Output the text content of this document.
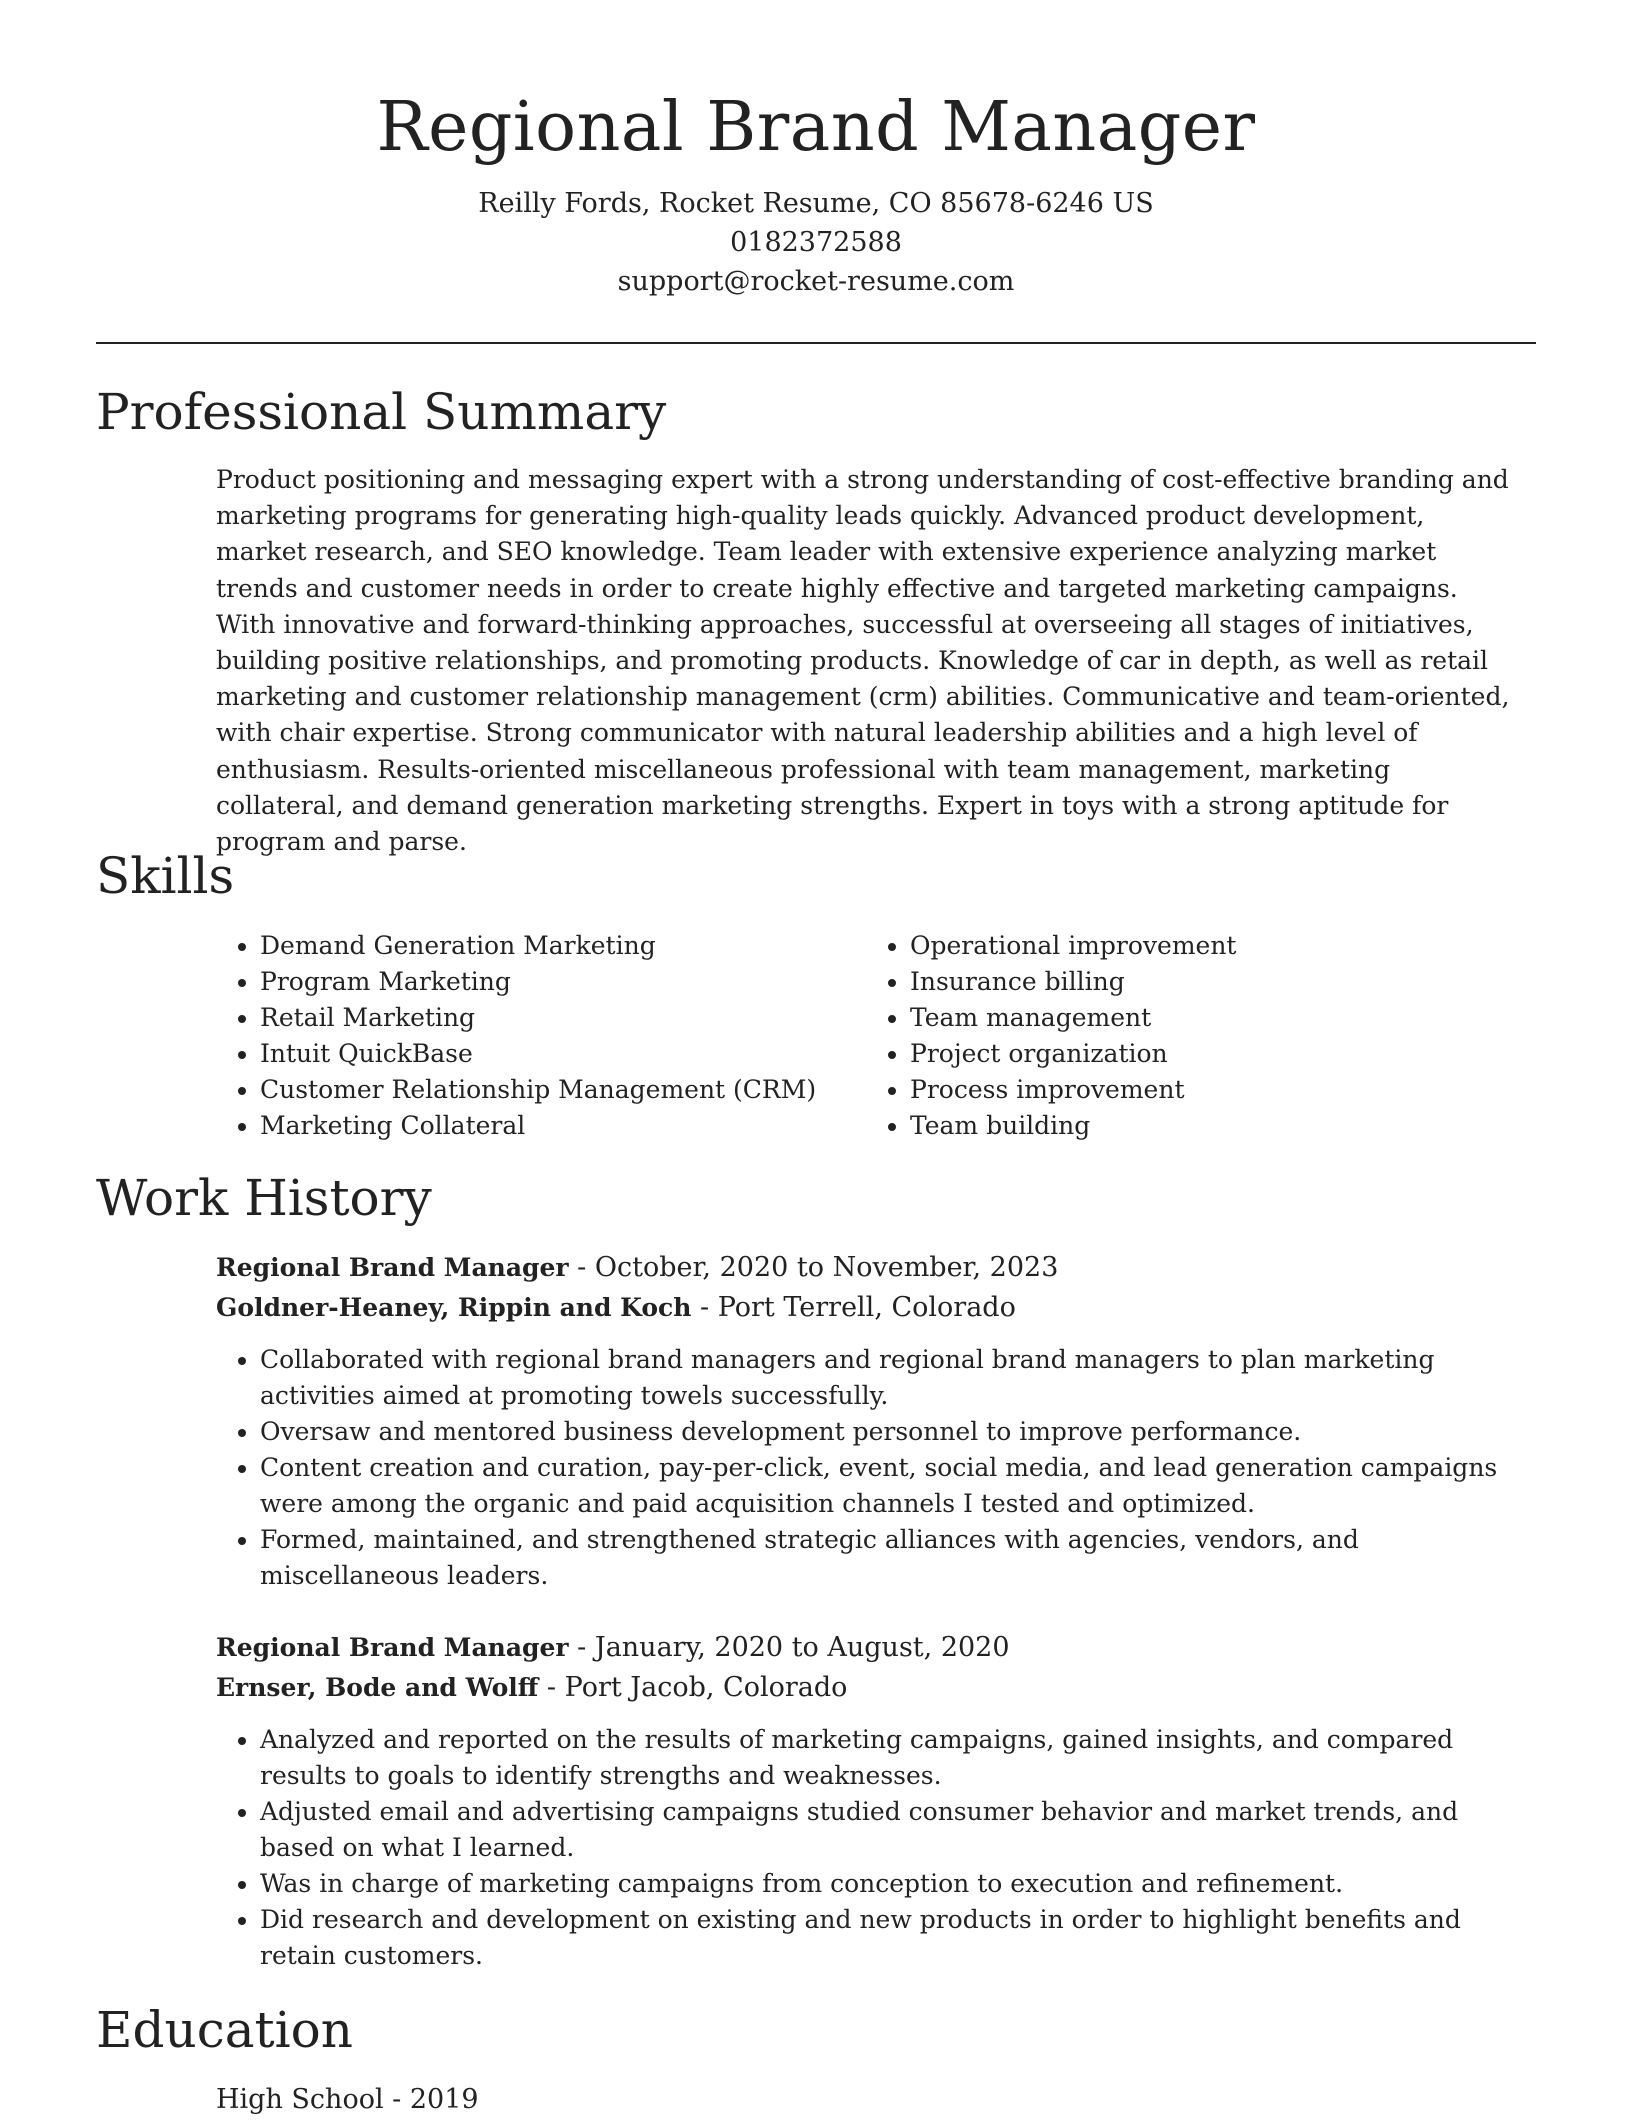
Regional Brand Manager
Reilly Fords, Rocket Resume, CO 85678-6246 US
0182372588
support@rocket-resume.com
Professional Summary

Product positioning and messaging expert with a strong understanding of cost-effective branding and marketing programs for generating high-quality leads quickly. Advanced product development, market research, and SEO knowledge. Team leader with extensive experience analyzing market trends and customer needs in order to create highly effective and targeted marketing campaigns. With innovative and forward-thinking approaches, successful at overseeing all stages of initiatives, building positive relationships, and promoting products. Knowledge of car in depth, as well as retail marketing and customer relationship management (crm) abilities. Communicative and team-oriented, with chair expertise. Strong communicator with natural leadership abilities and a high level of enthusiasm. Results-oriented miscellaneous professional with team management, marketing collateral, and demand generation marketing strengths. Expert in toys with a strong aptitude for program and parse.

Skills
• Demand Generation Marketing
• Program Marketing
• Retail Marketing
• Intuit QuickBase
• Customer Relationship Management (CRM)
• Marketing Collateral
• Operational improvement
• Insurance billing
• Team management
• Project organization
• Process improvement
• Team building
Work History
Regional Brand Manager - October, 2020 to November, 2023
Goldner-Heaney, Rippin and Koch - Port Terrell, Colorado
• Collaborated with regional brand managers and regional brand managers to plan marketing activities aimed at promoting towels successfully.
• Oversaw and mentored business development personnel to improve performance.
• Content creation and curation, pay-per-click, event, social media, and lead generation campaigns were among the organic and paid acquisition channels I tested and optimized.
• Formed, maintained, and strengthened strategic alliances with agencies, vendors, and miscellaneous leaders.
Regional Brand Manager - January, 2020 to August, 2020
Ernser, Bode and Wolff - Port Jacob, Colorado
• Analyzed and reported on the results of marketing campaigns, gained insights, and compared results to goals to identify strengths and weaknesses.
• Adjusted email and advertising campaigns studied consumer behavior and market trends, and based on what I learned.
• Was in charge of marketing campaigns from conception to execution and refinement.
• Did research and development on existing and new products in order to highlight benefits and retain customers.
Education
High School - 2019
